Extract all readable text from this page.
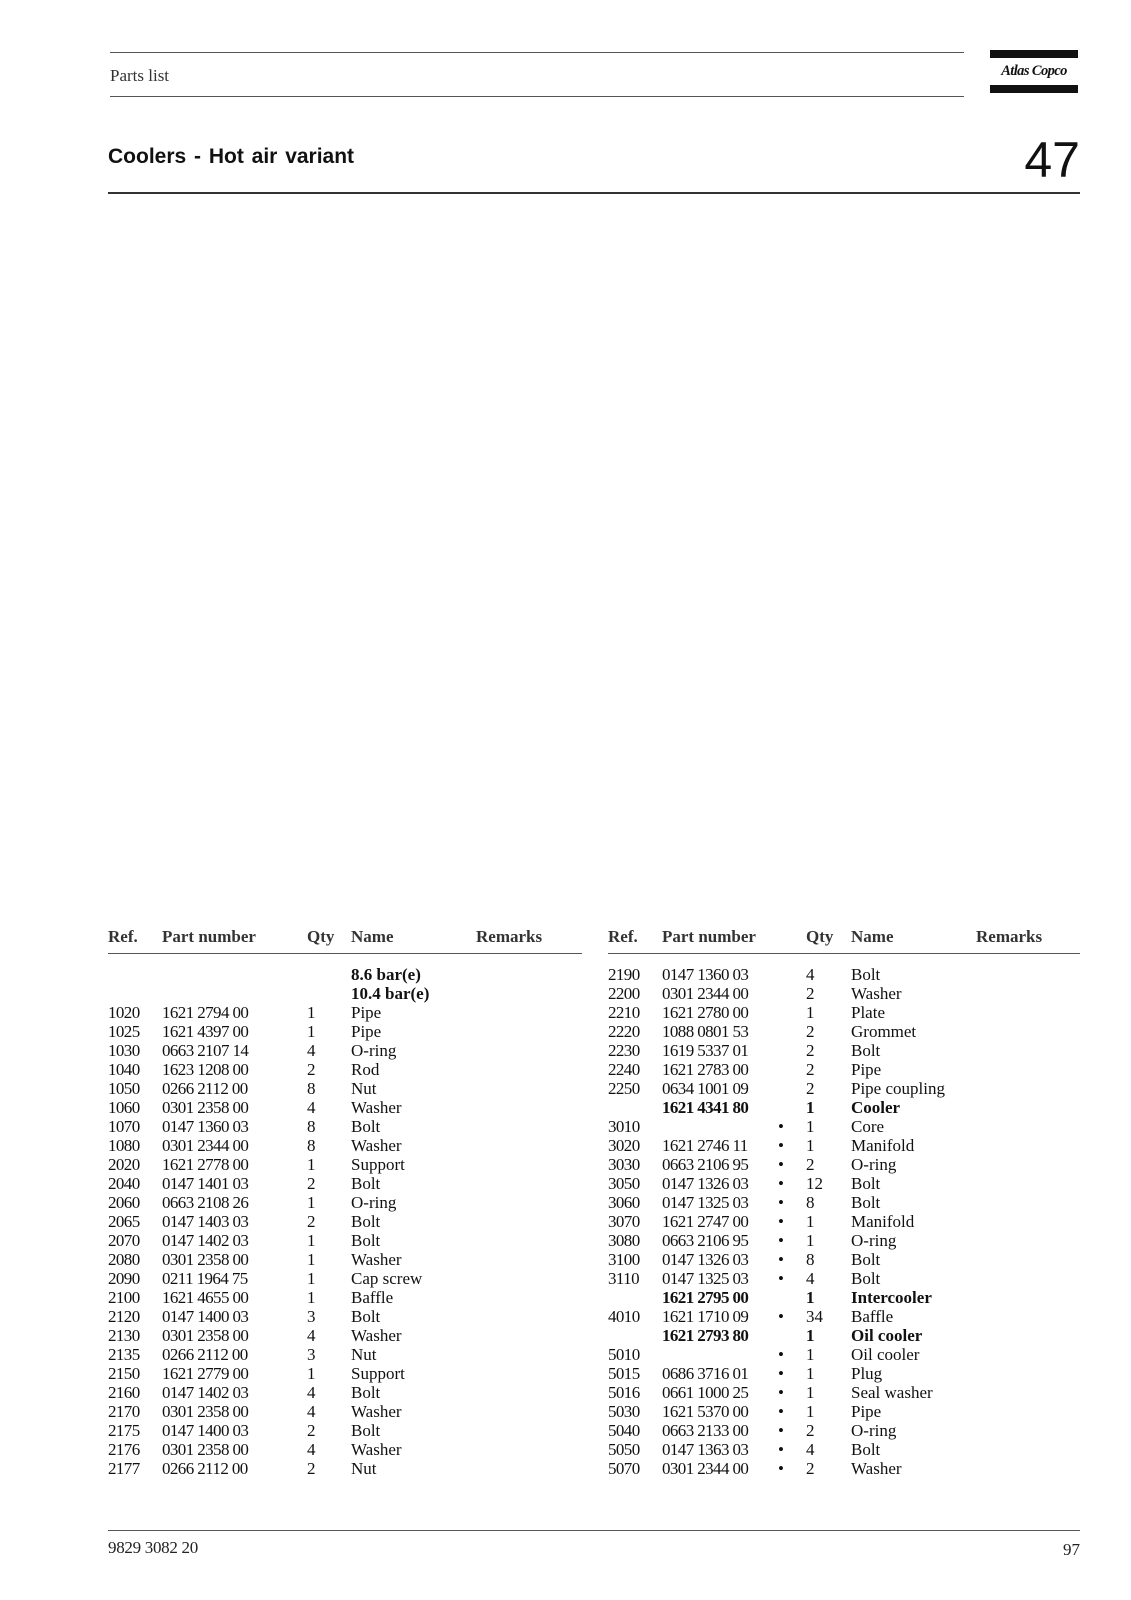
Parts list	Atlas Copco
Coolers - Hot air variant	47
Ref. Part number	Qty Name	Remarks
8.6 bar(e)
10.4 bar(e)
1020 1621 2794 00	1 Pipe
1025 1621 4397 00	1 Pipe
1030 0663 2107 14	4 O-ring
1040 1623 1208 00	2 Rod
1050 0266 2112 00	8 Nut
1060 0301 2358 00	4 Washer
1070 0147 1360 03	8 Bolt
1080 0301 2344 00	8 Washer
2020 1621 2778 00	1 Support
2040 0147 1401 03	2 Bolt
2060 0663 2108 26	1 O-ring
2065 0147 1403 03	2 Bolt
2070 0147 1402 03	1 Bolt
2080 0301 2358 00	1 Washer
2090 0211 1964 75	1 Cap screw
2100 1621 4655 00	1 Baffle
2120 0147 1400 03	3 Bolt
2130 0301 2358 00	4 Washer
2135 0266 2112 00	3 Nut
2150 1621 2779 00	1 Support
2160 0147 1402 03	4 Bolt
2170 0301 2358 00	4 Washer
2175 0147 1400 03	2 Bolt
2176 0301 2358 00	4 Washer
2177 0266 2112 00	2 Nut
Ref. Part number	Qty Name	Remarks
2190 0147 1360 03	4 Bolt
2200 0301 2344 00	2 Washer
2210 1621 2780 00	1 Plate
2220 1088 0801 53	2 Grommet
2230 1619 5337 01	2 Bolt
2240 1621 2783 00	2 Pipe
2250 0634 1001 09	2 Pipe coupling
1621 4341 80	1 Cooler
3010	• 1 Core
3020 1621 2746 11 • 1 Manifold
3030 0663 2106 95 • 2 O-ring
3050 0147 1326 03 • 12 Bolt
3060 0147 1325 03 • 8 Bolt
3070 1621 2747 00 • 1 Manifold
3080 0663 2106 95 • 1 O-ring
3100 0147 1326 03 • 8 Bolt
3110 0147 1325 03 • 4 Bolt
1621 2795 00	1 Intercooler
4010 1621 1710 09 • 34 Baffle
1621 2793 80	1 Oil cooler
5010	• 1 Oil cooler
5015 0686 3716 01 • 1 Plug
5016 0661 1000 25 • 1 Seal washer
5030 1621 5370 00 • 1 Pipe
5040 0663 2133 00 • 2 O-ring
5050 0147 1363 03 • 4 Bolt
5070 0301 2344 00 • 2 Washer
9829 3082 20	97
